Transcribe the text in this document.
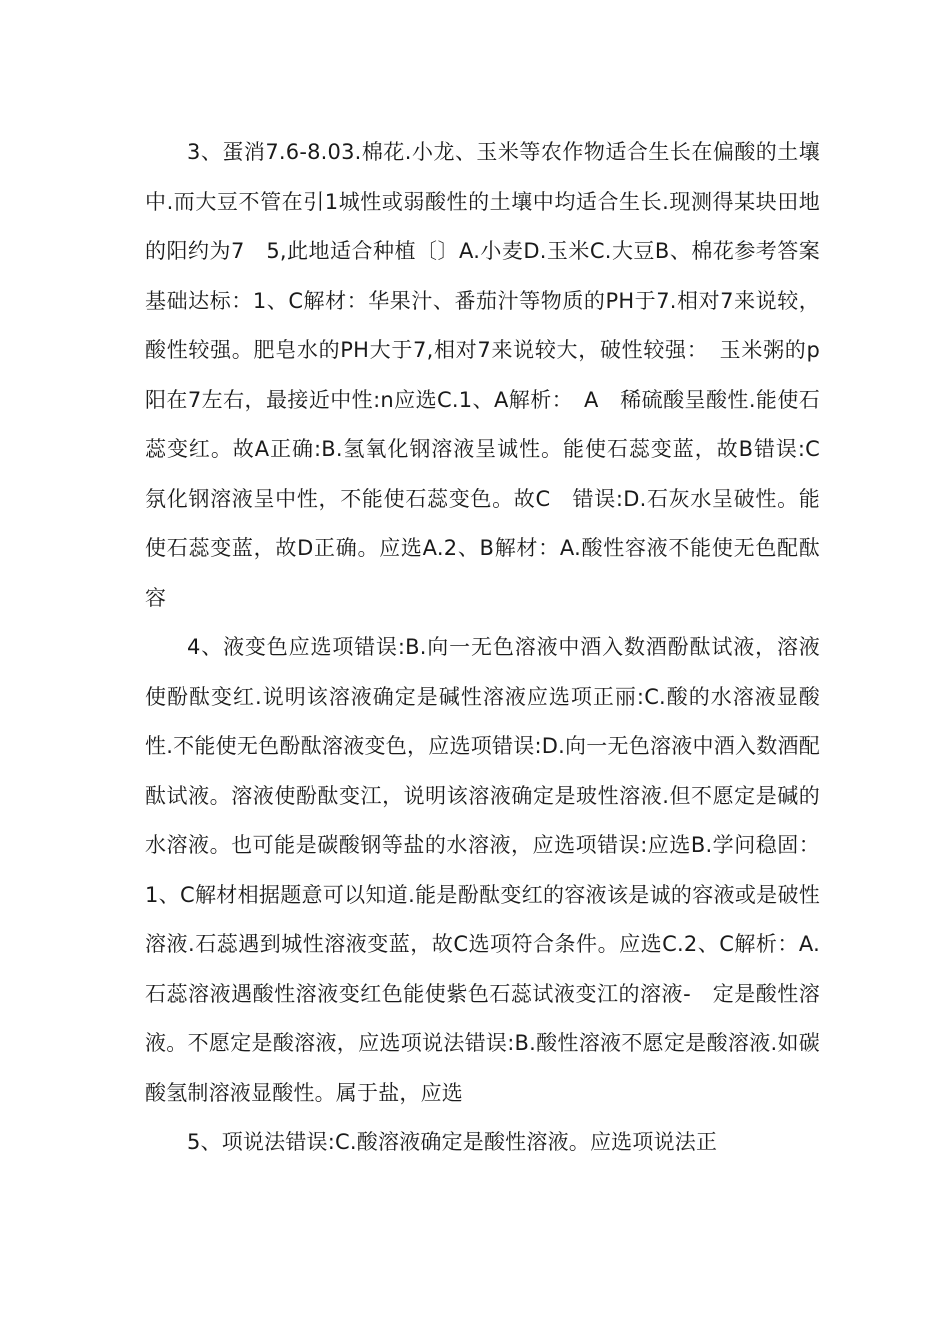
3、蛋消7.6-8.03.棉花.小龙、玉米等农作物适合生长在偏酸的土壤中.而大豆不管在引1城性或弱酸性的土壤中均适合生长.现测得某块田地的阳约为7　5,此地适合种植〔〕A.小麦D.玉米C.大豆B、棉花参考答案基础达标：1、C解材：华果汁、番茄汁等物质的PH于7.相对7来说较，酸性较强。肥皂水的PH大于7,相对7来说较大，破性较强：　玉米粥的p阳在7左右，最接近中性:n应选C.1、A解析：　A　稀硫酸呈酸性.能使石蕊变红。故A正确:B.氢氧化钢溶液呈诚性。能使石蕊变蓝，故B错误:C　氛化钢溶液呈中性，不能使石蕊变色。故C　错误:D.石灰水呈破性。能使石蕊变蓝，故D正确。应选A.2、B解材：A.酸性容液不能使无色配酞容

4、液变色应选项错误:B.向一无色溶液中酒入数酒酚酞试液，溶液使酚酞变红.说明该溶液确定是碱性溶液应选项正丽:C.酸的水溶液显酸性.不能使无色酚酞溶液变色，应选项错误:D.向一无色溶液中酒入数酒配酞试液。溶液使酚酞变江，说明该溶液确定是玻性溶液.但不愿定是碱的水溶液。也可能是碳酸钢等盐的水溶液，应选项错误:应选B.学问稳固：1、C解材相据题意可以知道.能是酚酞变红的容液该是诚的容液或是破性溶液.石蕊遇到城性溶液变蓝，故C选项符合条件。应选C.2、C解析：A.石蕊溶液遇酸性溶液变红色能使紫色石蕊试液变江的溶液-　定是酸性溶液。不愿定是酸溶液，应选项说法错误:B.酸性溶液不愿定是酸溶液.如碳酸氢制溶液显酸性。属于盐，应选

5、项说法错误:C.酸溶液确定是酸性溶液。应选项说法正
